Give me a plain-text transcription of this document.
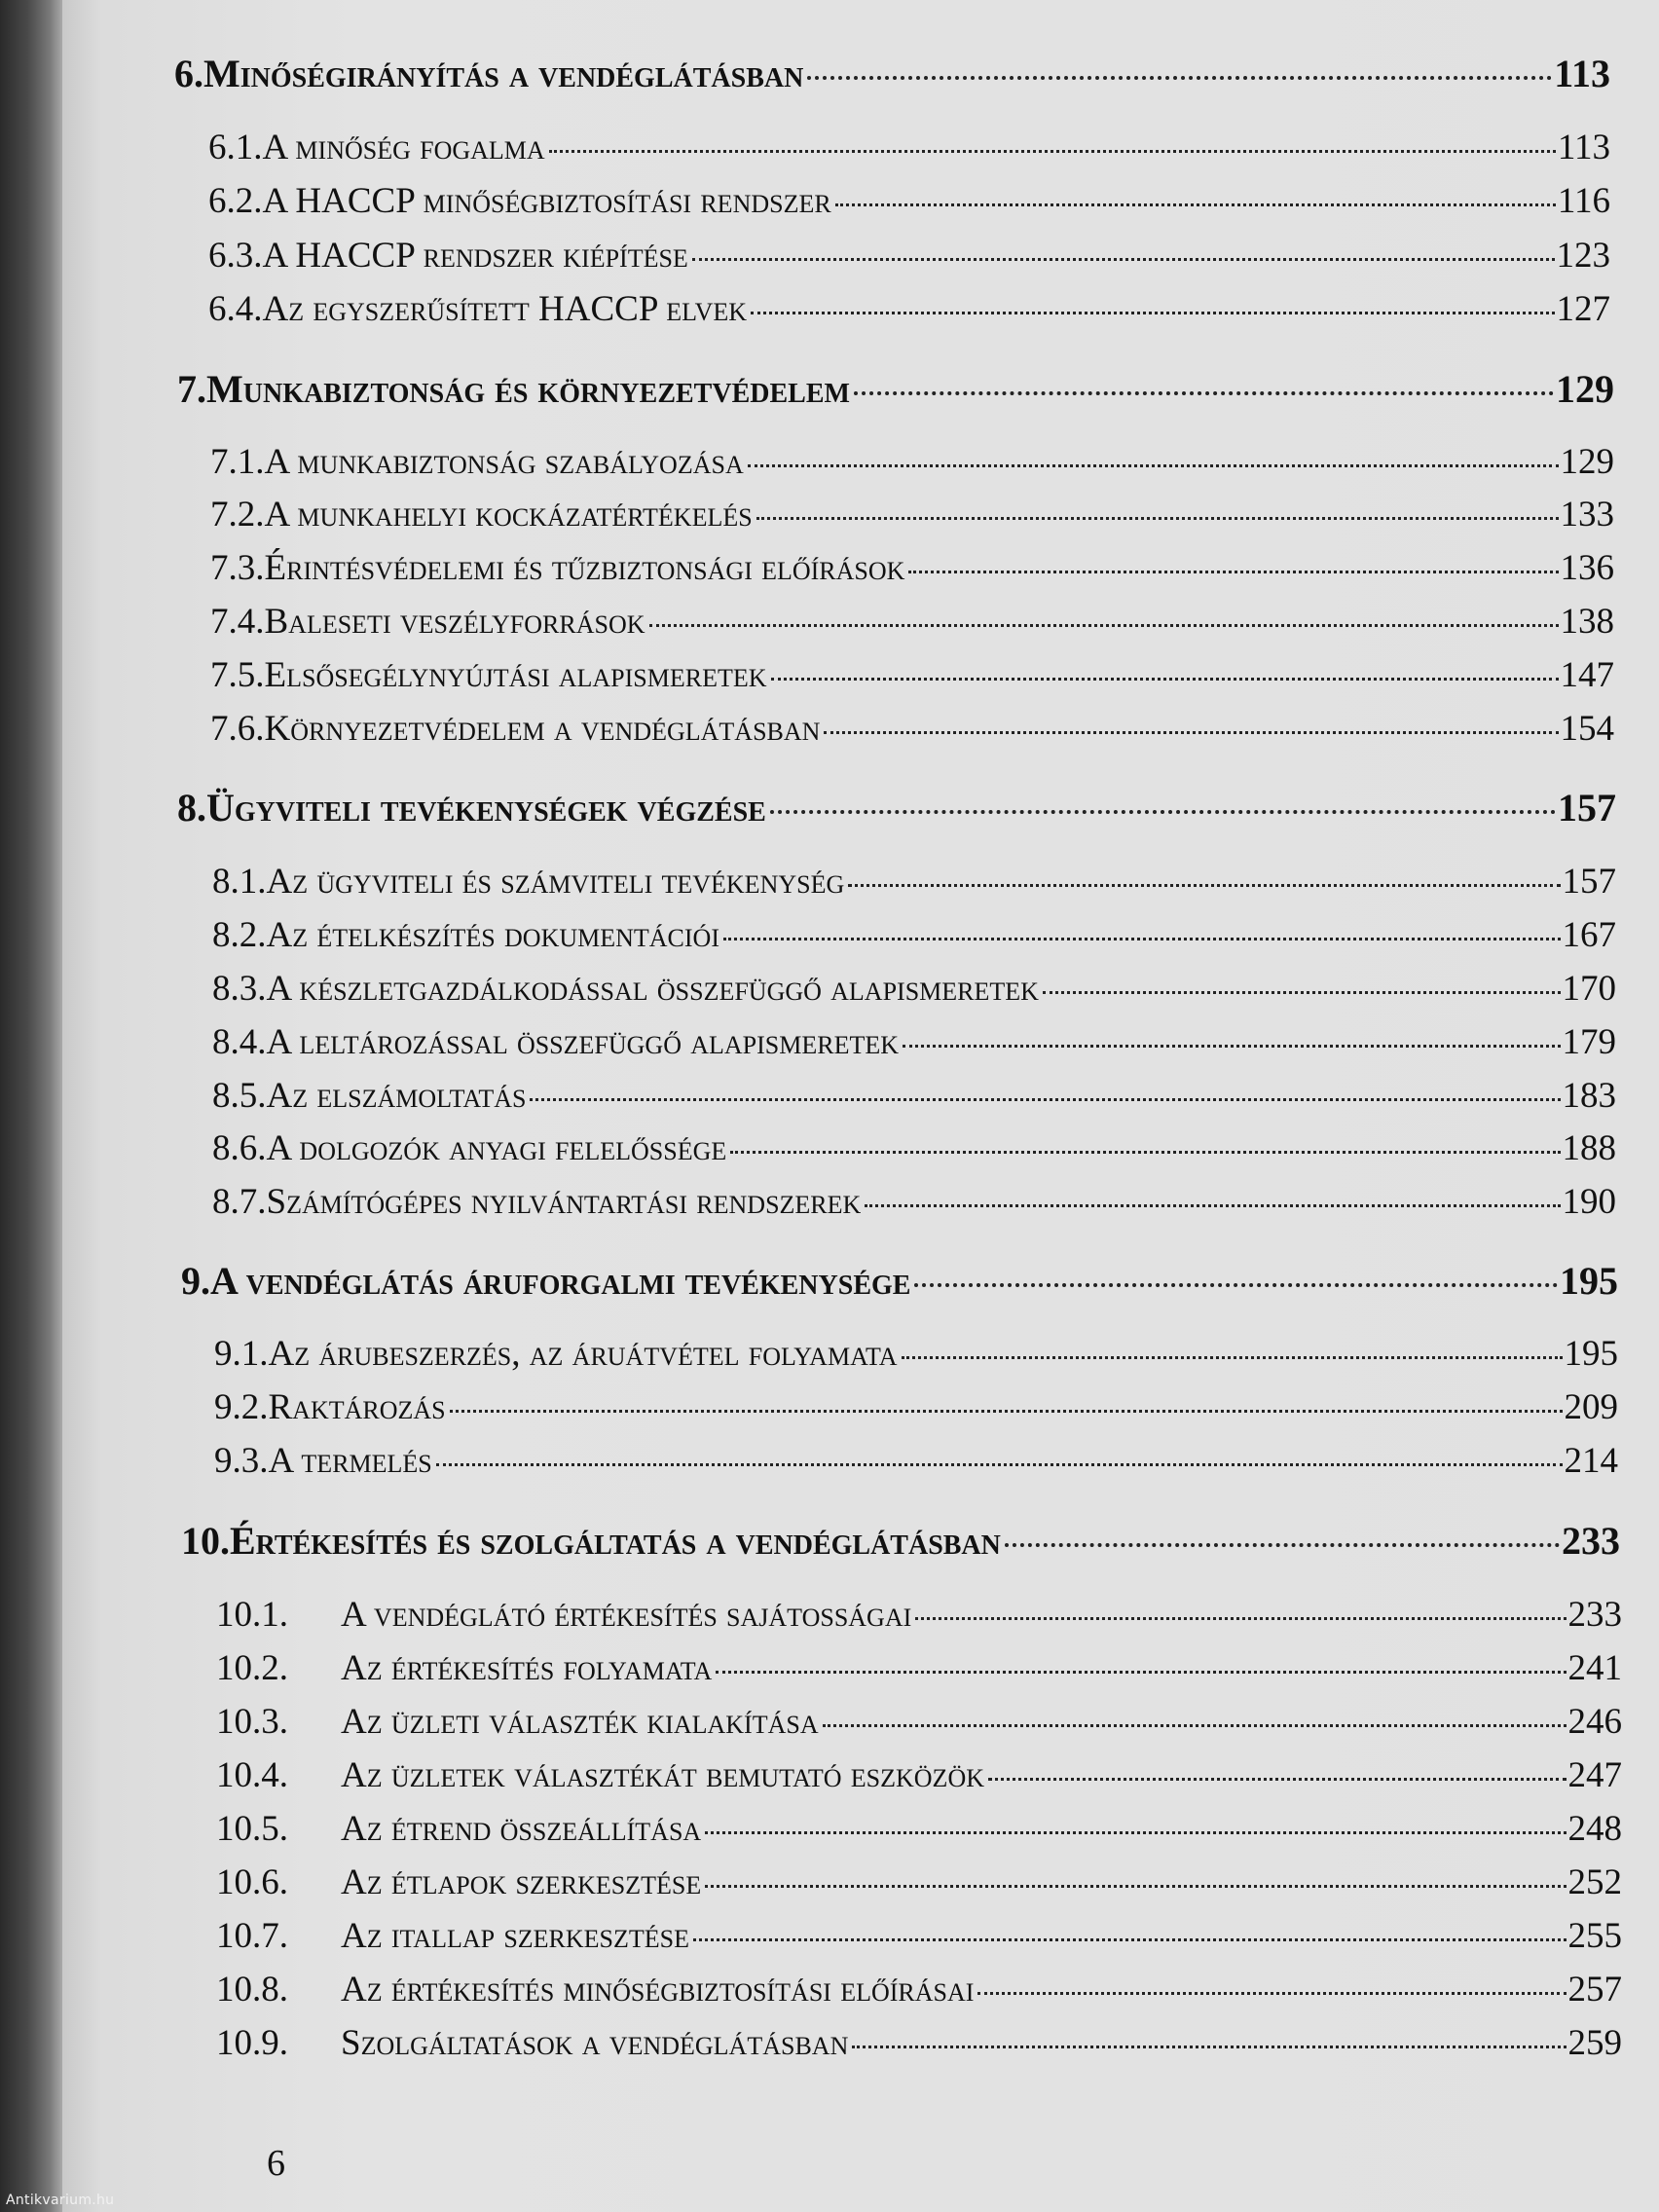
6. Minőségirányítás a vendéglátásban	113
6.1. A minőség fogalma	113
6.2. A HACCP minőségbiztosítási rendszer	116
6.3. A HACCP rendszer kiépítése	123
6.4. Az egyszerűsített HACCP elvek	127
7. Munkabiztonság és környezetvédelem	129
7.1. A munkabiztonság szabályozása	129
7.2. A munkahelyi kockázatértékelés	133
7.3. Érintésvédelemi és tűzbiztonsági előírások	136
7.4. Baleseti veszélyforrások	138
7.5. Elsősegélynyújtási alapismeretek	147
7.6. Környezetvédelem a vendéglátásban	154
8. Ügyviteli tevékenységek végzése	157
8.1. Az ügyviteli és számviteli tevékenység	157
8.2. Az ételkészítés dokumentációi	167
8.3. A készletgazdálkodással összefüggő alapismeretek	170
8.4. A leltározással összefüggő alapismeretek	179
8.5. Az elszámoltatás	183
8.6. A dolgozók anyagi felelőssége	188
8.7. Számítógépes nyilvántartási rendszerek	190
9. A vendéglátás áruforgalmi tevékenysége	195
9.1. Az árubeszerzés, az áruátvétel folyamata	195
9.2. Raktározás	209
9.3. A termelés	214
10. Értékesítés és szolgáltatás a vendéglátásban	233
10.1.	A vendéglátó értékesítés sajátosságai	233
10.2.	Az értékesítés folyamata	241
10.3.	Az üzleti választék kialakítása	246
10.4.	Az üzletek választékát bemutató eszközök	247
10.5.	Az étrend összeállítása	248
10.6.	Az étlapok szerkesztése	252
10.7.	Az itallap szerkesztése	255
10.8.	Az értékesítés minőségbiztosítási előírásai	257
10.9.	Szolgáltatások a vendéglátásban	259
6
Antikvarium.hu
